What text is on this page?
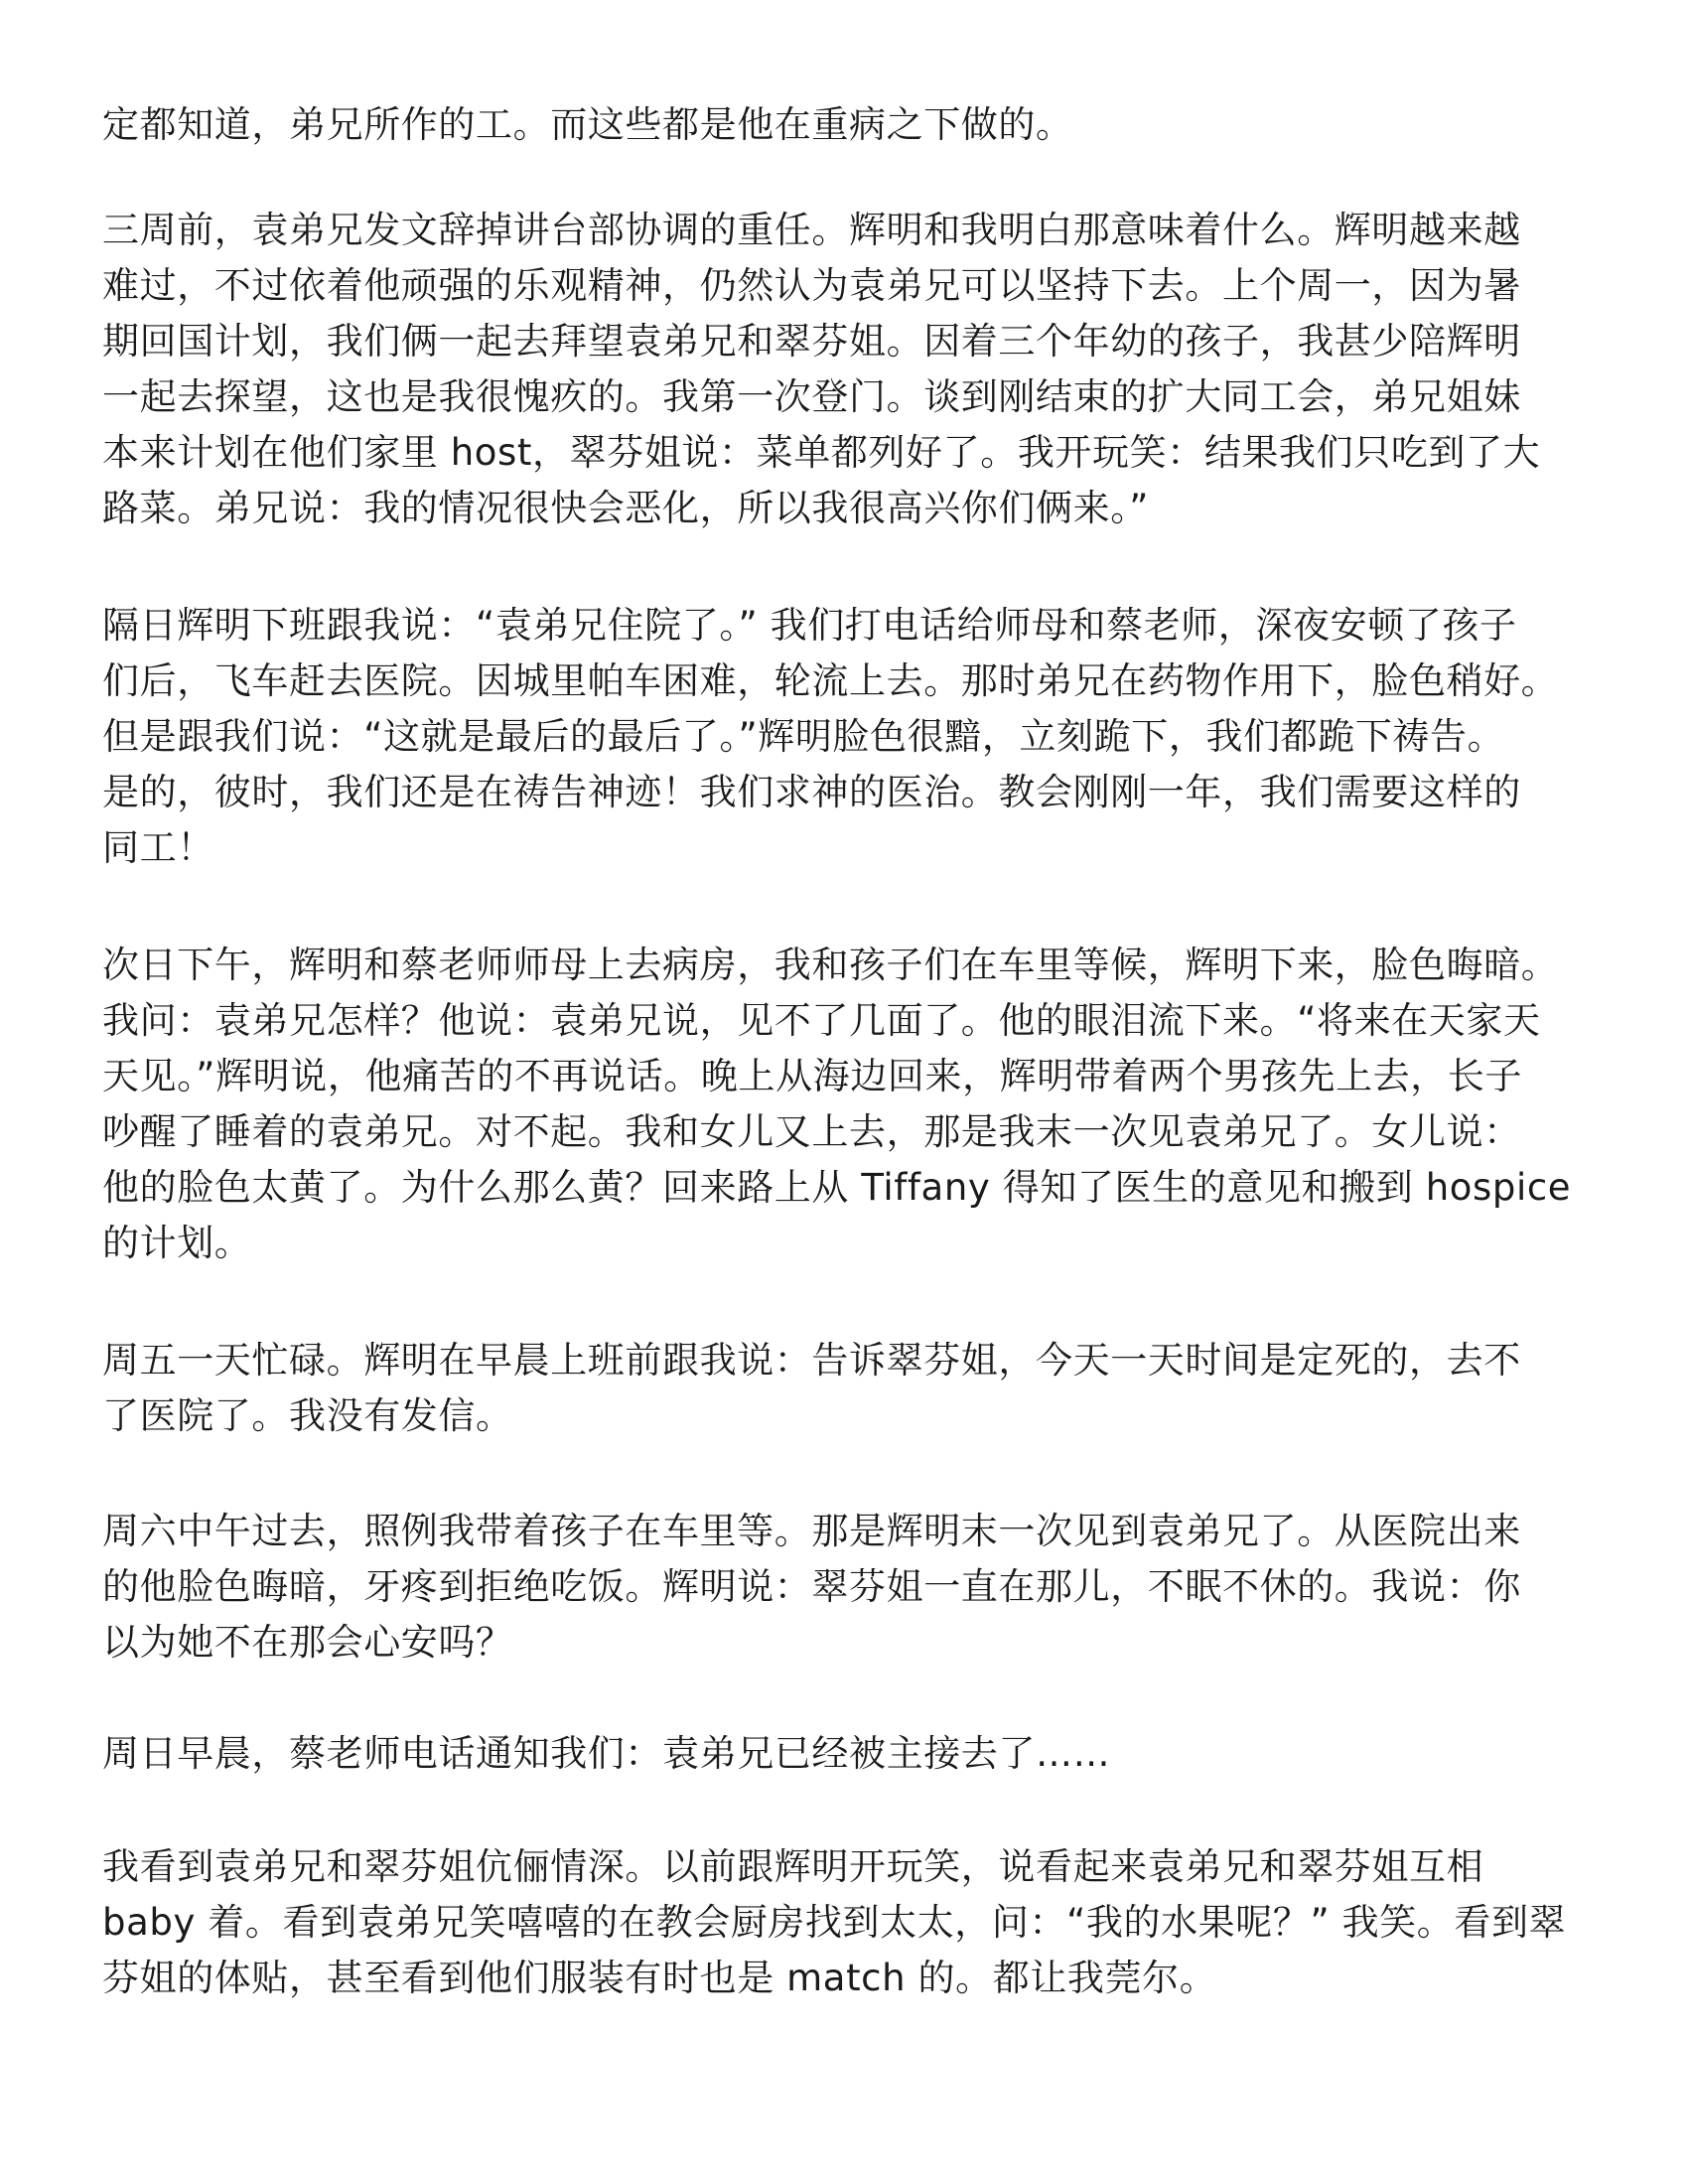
定都知道，弟兄所作的工。而这些都是他在重病之下做的。
三周前，袁弟兄发文辞掉讲台部协调的重任。辉明和我明白那意味着什么。辉明越来越
难过，不过依着他顽强的乐观精神，仍然认为袁弟兄可以坚持下去。上个周一，因为暑
期回国计划，我们俩一起去拜望袁弟兄和翠芬姐。因着三个年幼的孩子，我甚少陪辉明
一起去探望，这也是我很愧疚的。我第一次登门。谈到刚结束的扩大同工会，弟兄姐妹
本来计划在他们家里 host，翠芬姐说：菜单都列好了。我开玩笑：结果我们只吃到了大
路菜。弟兄说：我的情况很快会恶化，所以我很高兴你们俩来。”
隔日辉明下班跟我说：“袁弟兄住院了。” 我们打电话给师母和蔡老师，深夜安顿了孩子
们后，飞车赶去医院。因城里帕车困难，轮流上去。那时弟兄在药物作用下，脸色稍好。
但是跟我们说：“这就是最后的最后了。”辉明脸色很黯，立刻跪下，我们都跪下祷告。
是的，彼时，我们还是在祷告神迹！我们求神的医治。教会刚刚一年，我们需要这样的
同工！
次日下午，辉明和蔡老师师母上去病房，我和孩子们在车里等候，辉明下来，脸色晦暗。
我问：袁弟兄怎样？他说：袁弟兄说，见不了几面了。他的眼泪流下来。“将来在天家天
天见。”辉明说，他痛苦的不再说话。晚上从海边回来，辉明带着两个男孩先上去，长子
吵醒了睡着的袁弟兄。对不起。我和女儿又上去，那是我末一次见袁弟兄了。女儿说：
他的脸色太黄了。为什么那么黄？回来路上从 Tiffany 得知了医生的意见和搬到 hospice
的计划。
周五一天忙碌。辉明在早晨上班前跟我说：告诉翠芬姐，今天一天时间是定死的，去不
了医院了。我没有发信。
周六中午过去，照例我带着孩子在车里等。那是辉明末一次见到袁弟兄了。从医院出来
的他脸色晦暗，牙疼到拒绝吃饭。辉明说：翠芬姐一直在那儿，不眠不休的。我说：你
以为她不在那会心安吗？
周日早晨，蔡老师电话通知我们：袁弟兄已经被主接去了……
我看到袁弟兄和翠芬姐伉俪情深。以前跟辉明开玩笑，说看起来袁弟兄和翠芬姐互相
baby 着。看到袁弟兄笑嘻嘻的在教会厨房找到太太，问：“我的水果呢？” 我笑。看到翠
芬姐的体贴，甚至看到他们服装有时也是 match 的。都让我莞尔。
